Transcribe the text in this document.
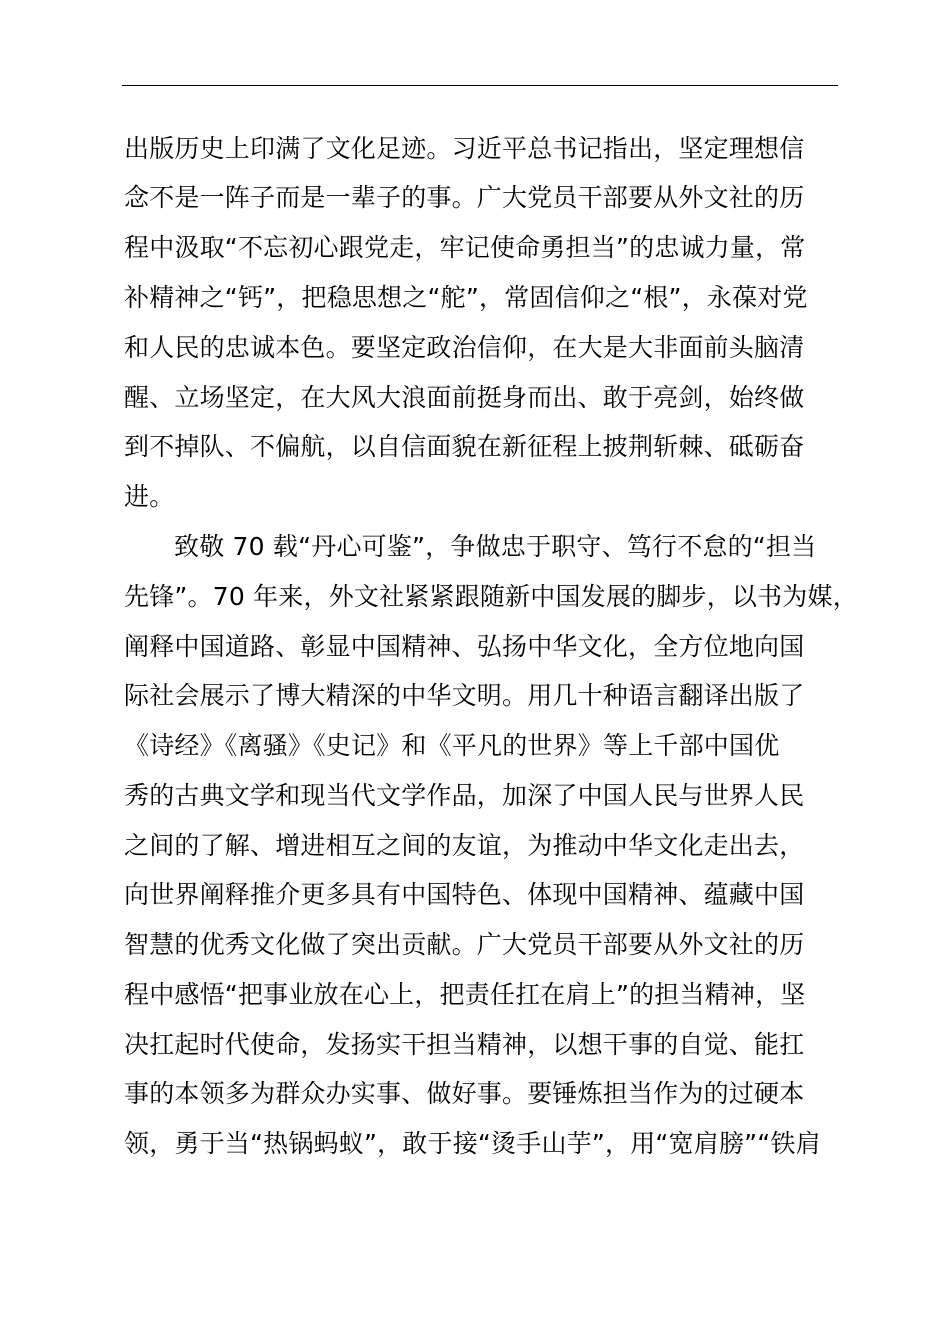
出版历史上印满了文化足迹。习近平总书记指出，坚定理想信
念不是一阵子而是一辈子的事。广大党员干部要从外文社的历
程中汲取“不忘初心跟党走，牢记使命勇担当”的忠诚力量，常
补精神之“钙”，把稳思想之“舵”，常固信仰之“根”，永葆对党
和人民的忠诚本色。要坚定政治信仰，在大是大非面前头脑清
醒、立场坚定，在大风大浪面前挺身而出、敢于亮剑，始终做
到不掉队、不偏航，以自信面貌在新征程上披荆斩棘、砥砺奋
进。
致敬 70 载“丹心可鉴”，争做忠于职守、笃行不怠的“担当
先锋”。70 年来，外文社紧紧跟随新中国发展的脚步，以书为媒，
阐释中国道路、彰显中国精神、弘扬中华文化，全方位地向国
际社会展示了博大精深的中华文明。用几十种语言翻译出版了
《诗经》《离骚》《史记》和《平凡的世界》等上千部中国优
秀的古典文学和现当代文学作品，加深了中国人民与世界人民
之间的了解、增进相互之间的友谊，为推动中华文化走出去，
向世界阐释推介更多具有中国特色、体现中国精神、蕴藏中国
智慧的优秀文化做了突出贡献。广大党员干部要从外文社的历
程中感悟“把事业放在心上，把责任扛在肩上”的担当精神，坚
决扛起时代使命，发扬实干担当精神，以想干事的自觉、能扛
事的本领多为群众办实事、做好事。要锤炼担当作为的过硬本
领，勇于当“热锅蚂蚁”，敢于接“烫手山芋”，用“宽肩膀”“铁肩
